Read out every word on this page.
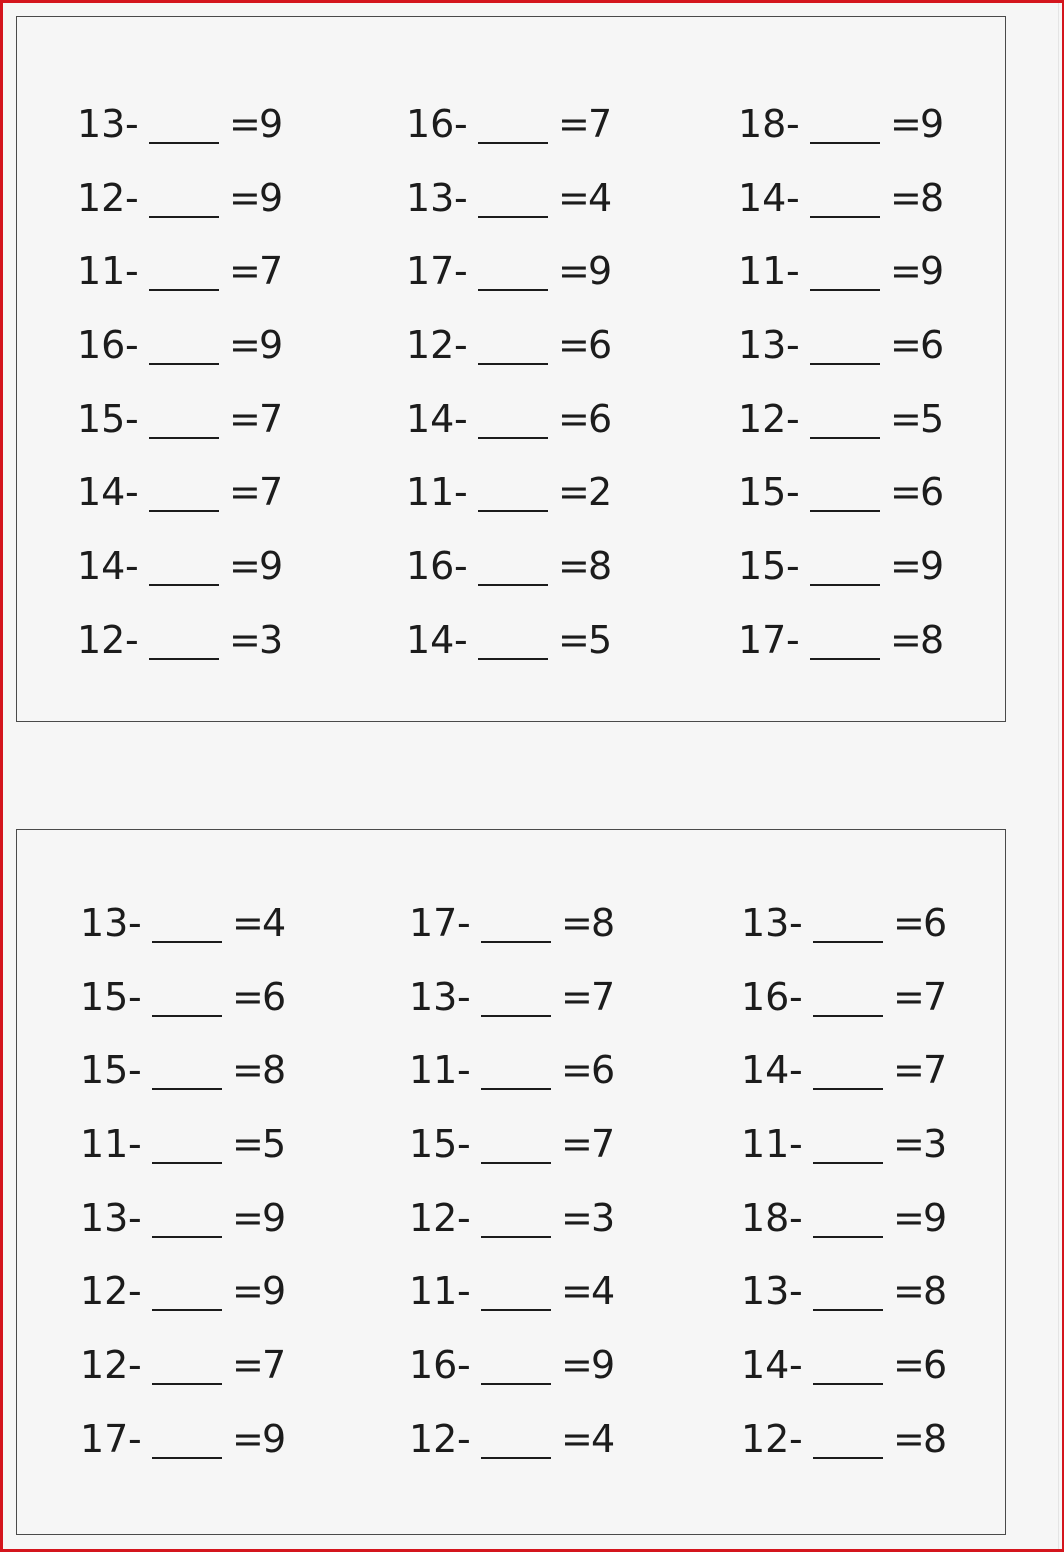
13 - =
9
12 - =
9
11 - =
7
16 - =
9
15 - =
7
14 - =
7
14 - =
9
12 - =
3
16 - =
7
13 - =
4
17 - =
9
12 - =
6
14 - =
6
11 - =
2
16 - =
8
14 - =
5
18 - =
9
14 - =
8
11 - =
9
13 - =
6
12 - =
5
15 - =
6
15 - =
9
17 - =
8
13 - =
4
15 - =
6
15 - =
8
11 - =
5
13 - =
9
12 - =
9
12 - =
7
17 - =
9
17 - =
8
13 - =
7
11 - =
6
15 - =
7
12 - =
3
11 - =
4
16 - =
9
12 - =
4
13 - =
6
16 - =
7
14 - =
7
11 - =
3
18 - =
9
13 - =
8
14 - =
6
12 - =
8
